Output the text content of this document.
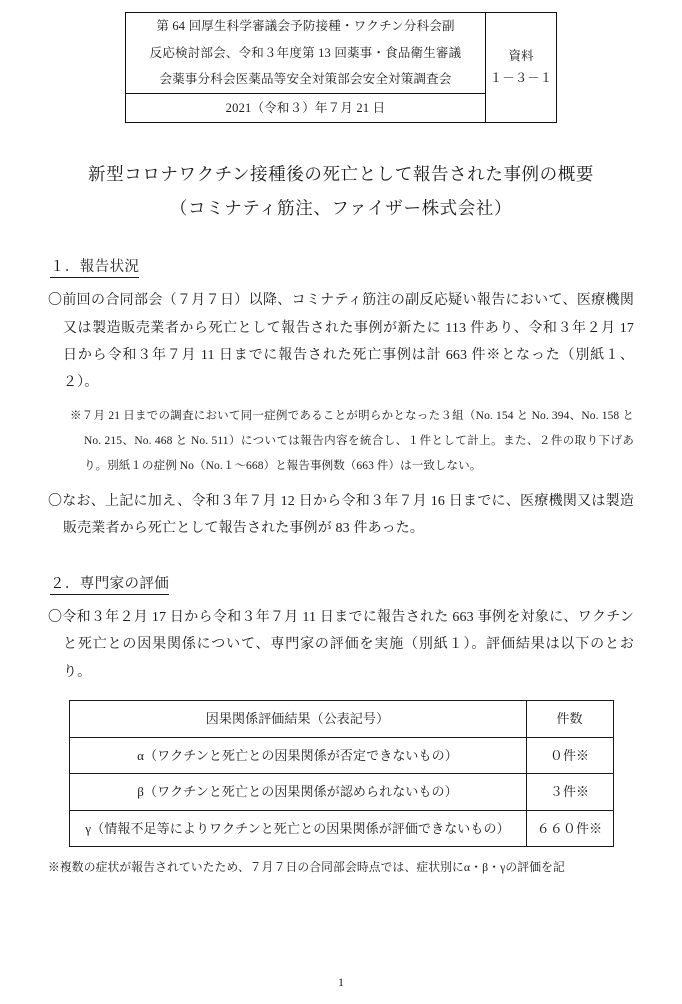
第 64 回厚生科学審議会予防接種・ワクチン分科会副
反応検討部会、令和３年度第 13 回薬事・食品衛生審議
会薬事分科会医薬品等安全対策部会安全対策調査会
2021（令和３）年７月 21 日
資料
１－３－１
新型コロナワクチン接種後の死亡として報告された事例の概要
（コミナティ筋注、ファイザー株式会社）
１．報告状況
〇前回の合同部会（７月７日）以降、コミナティ筋注の副反応疑い報告において、医療機関又は製造販売業者から死亡として報告された事例が新たに 113 件あり、令和３年２月 17 日から令和３年７月 11 日までに報告された死亡事例は計 663 件※となった（別紙１、２）。
※７月 21 日までの調査において同一症例であることが明らかとなった３組（No. 154 と No. 394、No. 158 と No. 215、No. 468 と No. 511）については報告内容を統合し、１件として計上。また、２件の取り下げあり。別紙１の症例 No（No.１〜668）と報告事例数（663 件）は一致しない。
〇なお、上記に加え、令和３年７月 12 日から令和３年７月 16 日までに、医療機関又は製造販売業者から死亡として報告された事例が 83 件あった。
２．専門家の評価
〇令和３年２月 17 日から令和３年７月 11 日までに報告された 663 事例を対象に、ワクチンと死亡との因果関係について、専門家の評価を実施（別紙１）。評価結果は以下のとおり。
因果関係評価結果（公表記号）	件数
α（ワクチンと死亡との因果関係が否定できないもの）	０件※
β（ワクチンと死亡との因果関係が認められないもの）	３件※
γ（情報不足等によりワクチンと死亡との因果関係が評価できないもの）	６６０件※
※複数の症状が報告されていたため、７月７日の合同部会時点では、症状別にα・β・γの評価を記
1
